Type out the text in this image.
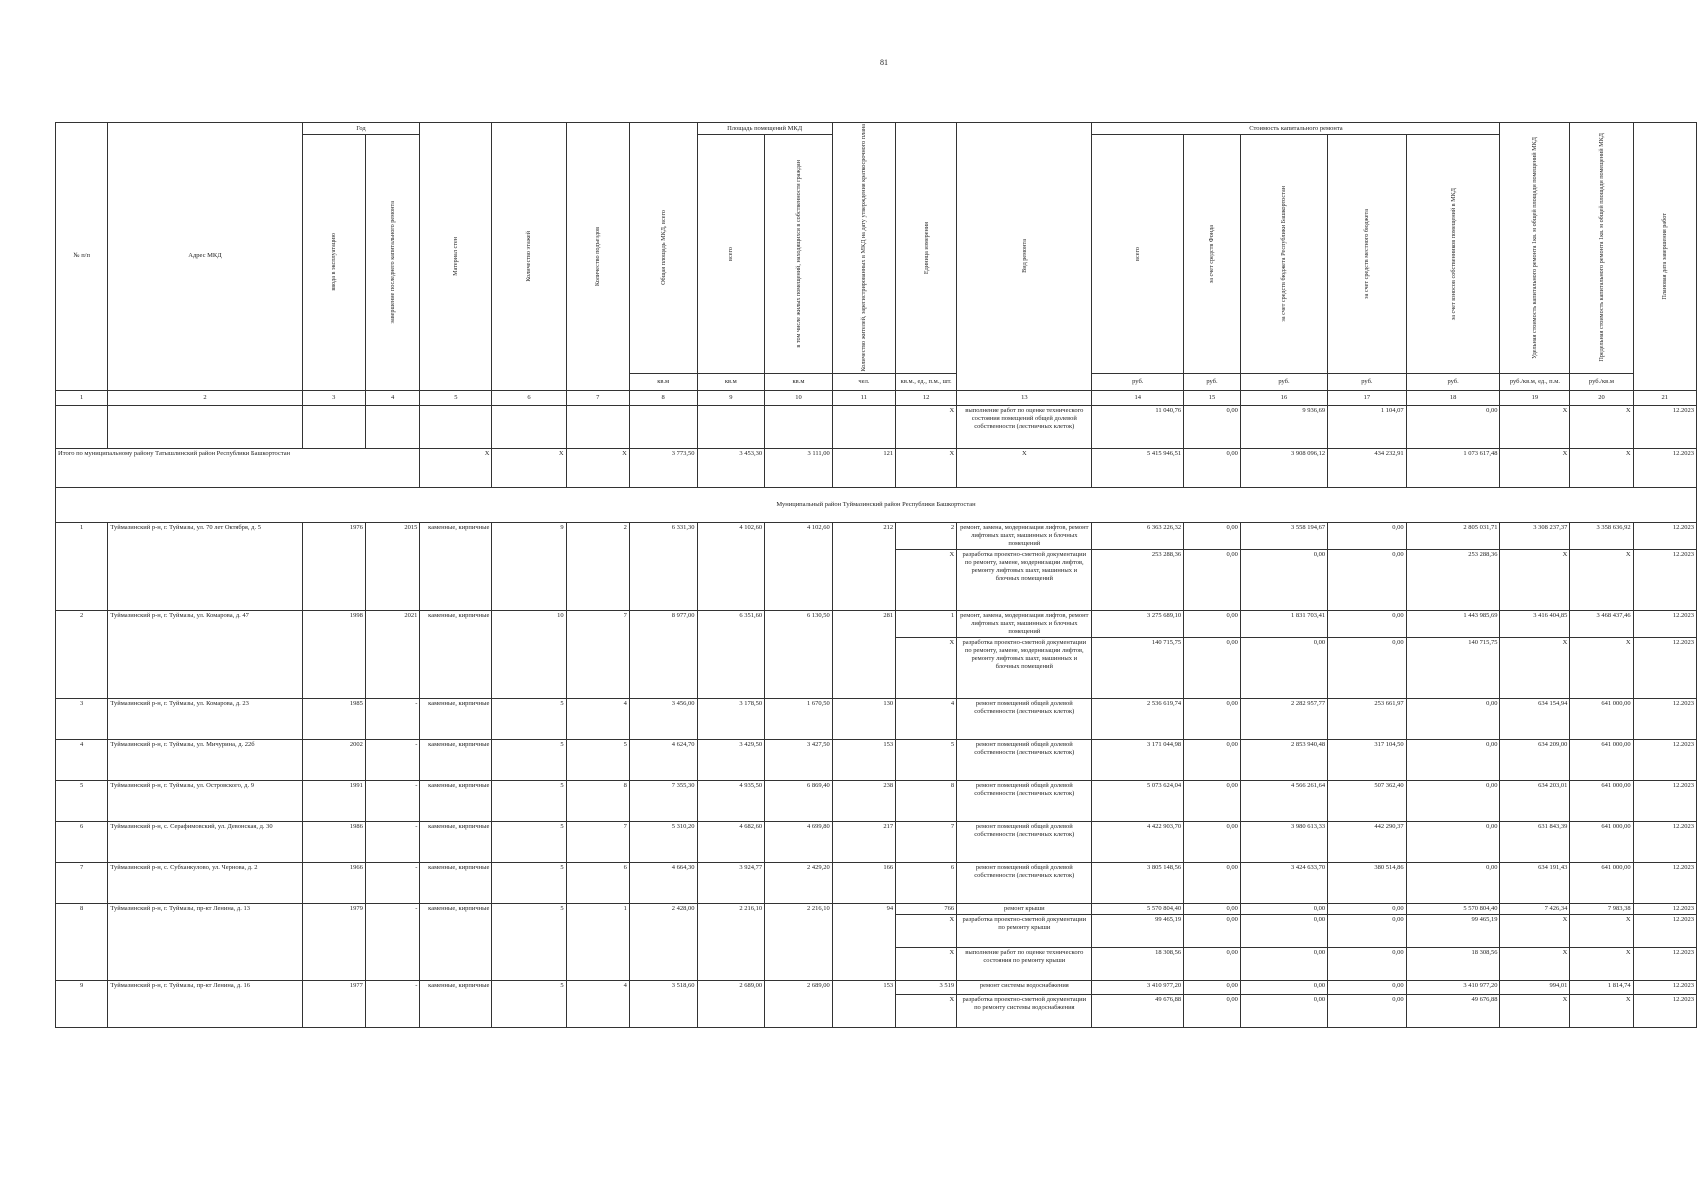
81
№ п/п	Адрес МКД	Год		Материал стен	Количество этажей	Количество подъездов	Общая площадь МКД, всего	Площадь помещений МКД		Количество жителей, зарегистрированных в МКД на дату утверждения краткосрочного плана	Единица измерения	Вид ремонта	Стоимость капитального ремонта					Удельная стоимость капитального ремонта 1кв. м общей площади помещений МКД	Предельная стоимость капитального ремонта 1кв. м общей площади помещений МКД	Плановая дата завершения работ

		ввода в эксплуатацию	завершение последнего капитального ремонта					всего	в том числе жилых помещений, находящихся в собственности граждан				всего	за счет средств Фонда	за счет средств бюджета Республики Башкортостан	за счет средств местного бюджета	за счет взносов собственников помещений в МКД			

							кв.м	кв.м	кв.м	чел.	кв.м., ед., п.м., шт.		руб.	руб.	руб.	руб.	руб.	руб./кв.м, ед., п.м.	руб./кв.м	
1	2	3	4	5	6	7	8	9	10	11	12	13	14	15	16	17	18	19	20	21
											X	выполнение работ по оценке технического состояния помещений общей долевой собственности (лестничных клеток)	11 040,76	0,00	9 936,69	1 104,07	0,00	X	X	12.2023
Итого по муниципальному району Татышлинский район Республики Башкортостан				X	X	X	3 773,50	3 453,30	3 111,00	121	X	X	5 415 946,51	0,00	3 908 096,12	434 232,91	1 073 617,48	X	X	12.2023
Муниципальный район Туймазинский район Республики Башкортостан																				
1	Туймазинский р-н, г. Туймазы, ул. 70 лет Октября, д. 5	1976	2015	каменные, кирпичные	9	2	6 331,30	4 102,60	4 102,60	212	2	ремонт, замена, модернизация лифтов, ремонт лифтовых шахт, машинных и блочных помещений	6 363 226,32	0,00	3 558 194,67	0,00	2 805 031,71	3 308 237,37	3 358 636,92	12.2023
											X	разработка проектно-сметной документации по ремонту, замене, модернизации лифтов, ремонту лифтовых шахт, машинных и блочных помещений	253 288,36	0,00	0,00	0,00	253 288,36	X	X	12.2023
2	Туймазинский р-н, г. Туймазы, ул. Комарова, д. 47	1998	2021	каменные, кирпичные	10	7	8 977,00	6 351,60	6 130,50	281	1	ремонт, замена, модернизация лифтов, ремонт лифтовых шахт, машинных и блочных помещений	3 275 689,10	0,00	1 831 703,41	0,00	1 443 985,69	3 416 404,85	3 468 437,46	12.2023
											X	разработка проектно-сметной документации по ремонту, замене, модернизации лифтов, ремонту лифтовых шахт, машинных и блочных помещений	140 715,75	0,00	0,00	0,00	140 715,75	X	X	12.2023
3	Туймазинский р-н, г. Туймазы, ул. Комарова, д. 23	1985	-	каменные, кирпичные	5	4	3 456,00	3 178,50	1 670,50	130	4	ремонт помещений общей долевой собственности (лестничных клеток)	2 536 619,74	0,00	2 282 957,77	253 661,97	0,00	634 154,94	641 000,00	12.2023
4	Туймазинский р-н, г. Туймазы, ул. Мичурина, д. 22б	2002	-	каменные, кирпичные	5	5	4 624,70	3 429,50	3 427,50	153	5	ремонт помещений общей долевой собственности (лестничных клеток)	3 171 044,98	0,00	2 853 940,48	317 104,50	0,00	634 209,00	641 000,00	12.2023
5	Туймазинский р-н, г. Туймазы, ул. Островского, д. 9	1991	-	каменные, кирпичные	5	8	7 355,30	4 935,50	6 869,40	238	8	ремонт помещений общей долевой собственности (лестничных клеток)	5 073 624,04	0,00	4 566 261,64	507 362,40	0,00	634 203,01	641 000,00	12.2023
6	Туймазинский р-н, с. Серафимовский, ул. Девонская, д. 30	1986	-	каменные, кирпичные	5	7	5 310,20	4 682,60	4 699,80	217	7	ремонт помещений общей долевой собственности (лестничных клеток)	4 422 903,70	0,00	3 980 613,33	442 290,37	0,00	631 843,39	641 000,00	12.2023
7	Туймазинский р-н, с. Субханкулово, ул. Чернова, д. 2	1966	-	каменные, кирпичные	5	6	4 664,30	3 924,77	2 429,20	166	6	ремонт помещений общей долевой собственности (лестничных клеток)	3 805 148,56	0,00	3 424 633,70	380 514,86	0,00	634 191,43	641 000,00	12.2023
8	Туймазинский р-н, г. Туймазы, пр-кт Ленина, д. 13	1979	-	каменные, кирпичные	5	1	2 428,00	2 216,10	2 216,10	94	766	ремонт крыши	5 570 804,40	0,00	0,00	0,00	5 570 804,40	7 426,34	7 983,38	12.2023
											X	разработка проектно-сметной документации по ремонту крыши	99 465,19	0,00	0,00	0,00	99 465,19	X	X	12.2023
											X	выполнение работ по оценке технического состояния по ремонту крыши	18 308,56	0,00	0,00	0,00	18 308,56	X	X	12.2023
9	Туймазинский р-н, г. Туймазы, пр-кт Ленина, д. 16	1977	-	каменные, кирпичные	5	4	3 518,60	2 689,00	2 689,00	153	3 519	ремонт системы водоснабжения	3 410 977,20	0,00	0,00	0,00	3 410 977,20	994,01	1 814,74	12.2023
											X	разработка проектно-сметной документации по ремонту системы водоснабжения	49 676,88	0,00	0,00	0,00	49 676,88	X	X	12.2023
